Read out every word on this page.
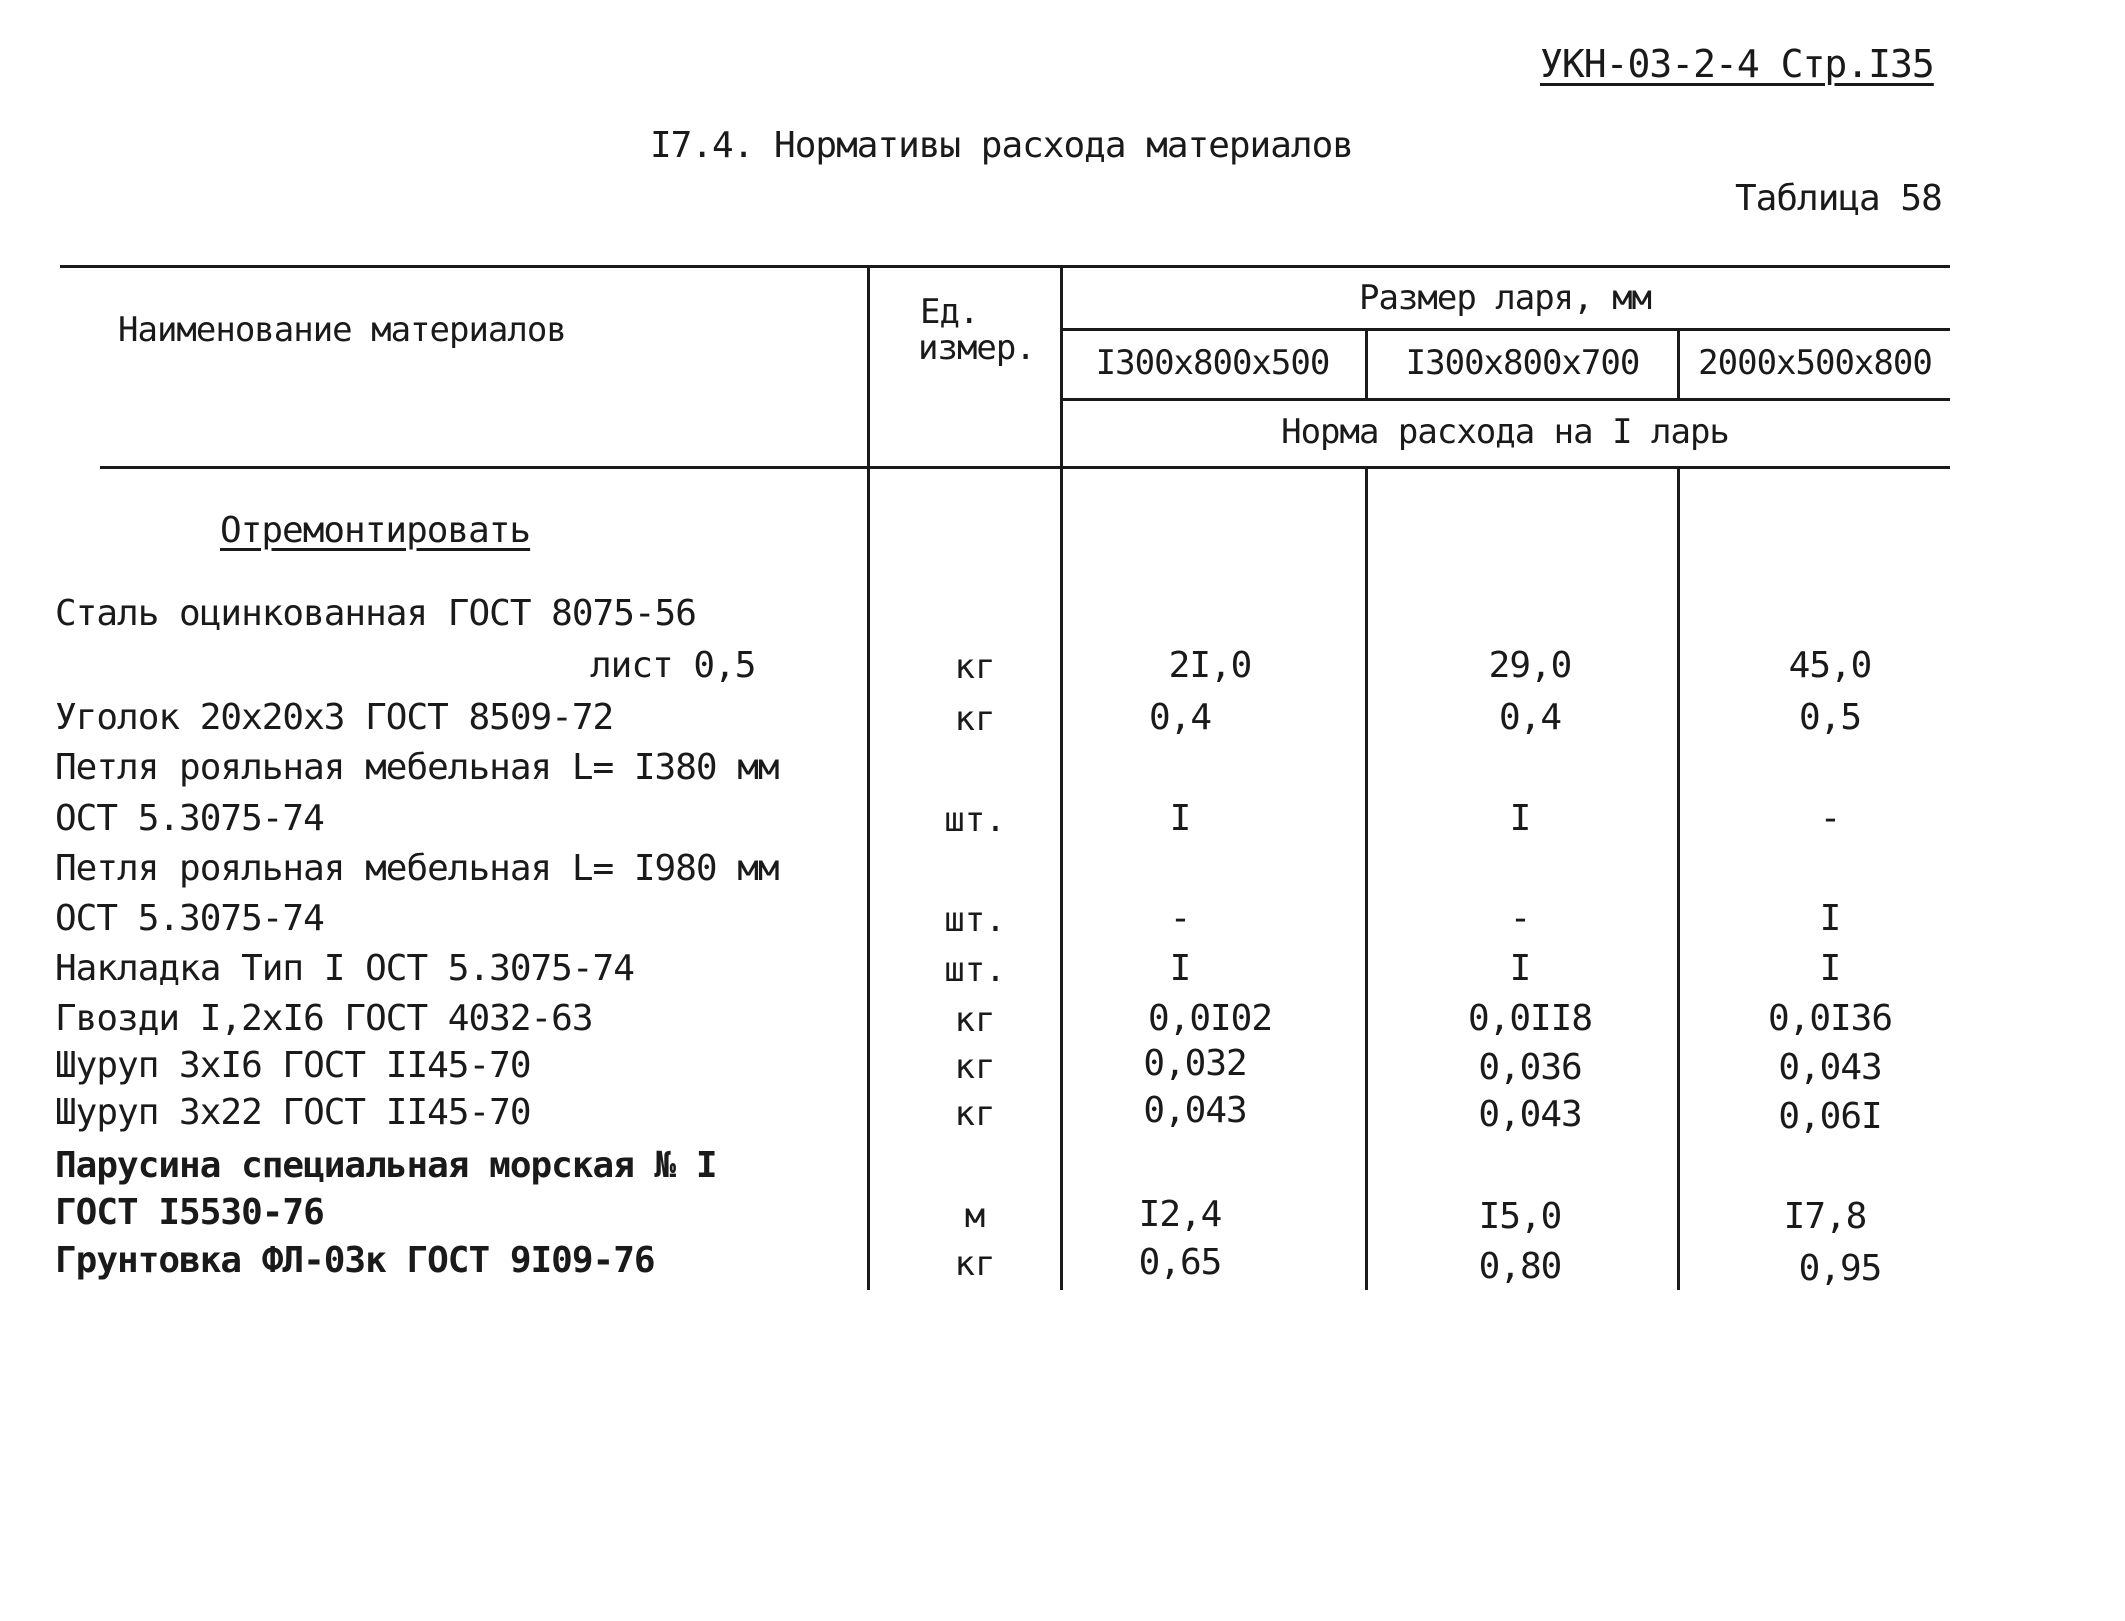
УКН-03-2-4 Стр.I35
I7.4. Нормативы расхода материалов
Таблица 58
Наименование материалов	Ед.
измер.
Размер ларя, мм
I300x800x500	I300x800x700	2000x500x800
Норма расхода на I ларь
Отремонтировать
Сталь оцинкованная ГОСТ 8075-56
лист 0,5	кг	2I,0	29,0	45,0
Уголок 20x20x3 ГОСТ 8509-72	кг	0,4	0,4	0,5
Петля рояльная мебельная L= I380 мм
ОСТ 5.3075-74	шт.	I	I	-
Петля рояльная мебельная L= I980 мм
ОСТ 5.3075-74	шт.	-	-	I
Накладка Тип I ОСТ 5.3075-74	шт.	I	I	I
Гвозди I,2xI6 ГОСТ 4032-63	кг	0,0I02	0,0II8	0,0I36
Шуруп 3xI6 ГОСТ II45-70	кг	0,032	0,036	0,043
Шуруп 3x22 ГОСТ II45-70	кг	0,043	0,043	0,06I
Парусина специальная морская № I
ГОСТ I5530-76	м	I2,4	I5,0	I7,8
Грунтовка ФЛ-03к ГОСТ 9I09-76	кг	0,65	0,80	0,95
